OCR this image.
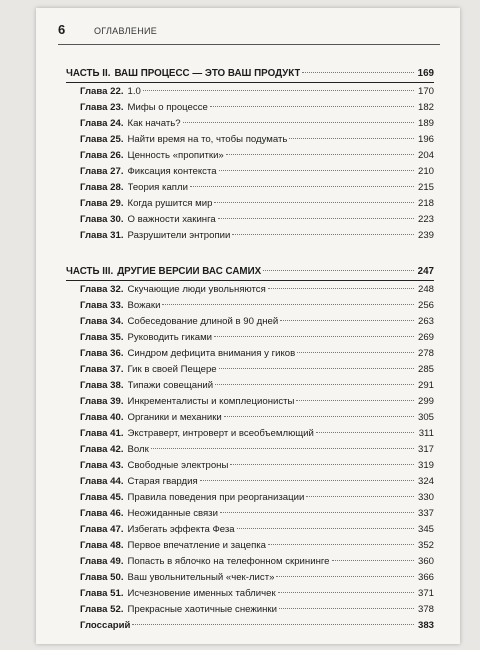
6	ОГЛАВЛЕНИЕ
ЧАСТЬ II. ВАШ ПРОЦЕСС — ЭТО ВАШ ПРОДУКТ	169
Глава 22. 1.0	170
Глава 23. Мифы о процессе	182
Глава 24. Как начать?	189
Глава 25. Найти время на то, чтобы подумать	196
Глава 26. Ценность «пропитки»	204
Глава 27. Фиксация контекста	210
Глава 28. Теория капли	215
Глава 29. Когда рушится мир	218
Глава 30. О важности хакинга	223
Глава 31. Разрушители энтропии	239
ЧАСТЬ III. ДРУГИЕ ВЕРСИИ ВАС САМИХ	247
Глава 32. Скучающие люди увольняются	248
Глава 33. Вожаки	256
Глава 34. Собеседование длиной в 90 дней	263
Глава 35. Руководить гиками	269
Глава 36. Синдром дефицита внимания у гиков	278
Глава 37. Гик в своей Пещере	285
Глава 38. Типажи совещаний	291
Глава 39. Инкременталисты и комплеционисты	299
Глава 40. Органики и механики	305
Глава 41. Экстраверт, интроверт и всеобъемлющий	311
Глава 42. Волк	317
Глава 43. Свободные электроны	319
Глава 44. Старая гвардия	324
Глава 45. Правила поведения при реорганизации	330
Глава 46. Неожиданные связи	337
Глава 47. Избегать эффекта Феза	345
Глава 48. Первое впечатление и зацепка	352
Глава 49. Попасть в яблочко на телефонном скрининге	360
Глава 50. Ваш увольнительный «чек-лист»	366
Глава 51. Исчезновение именных табличек	371
Глава 52. Прекрасные хаотичные снежинки	378
Глоссарий	383
